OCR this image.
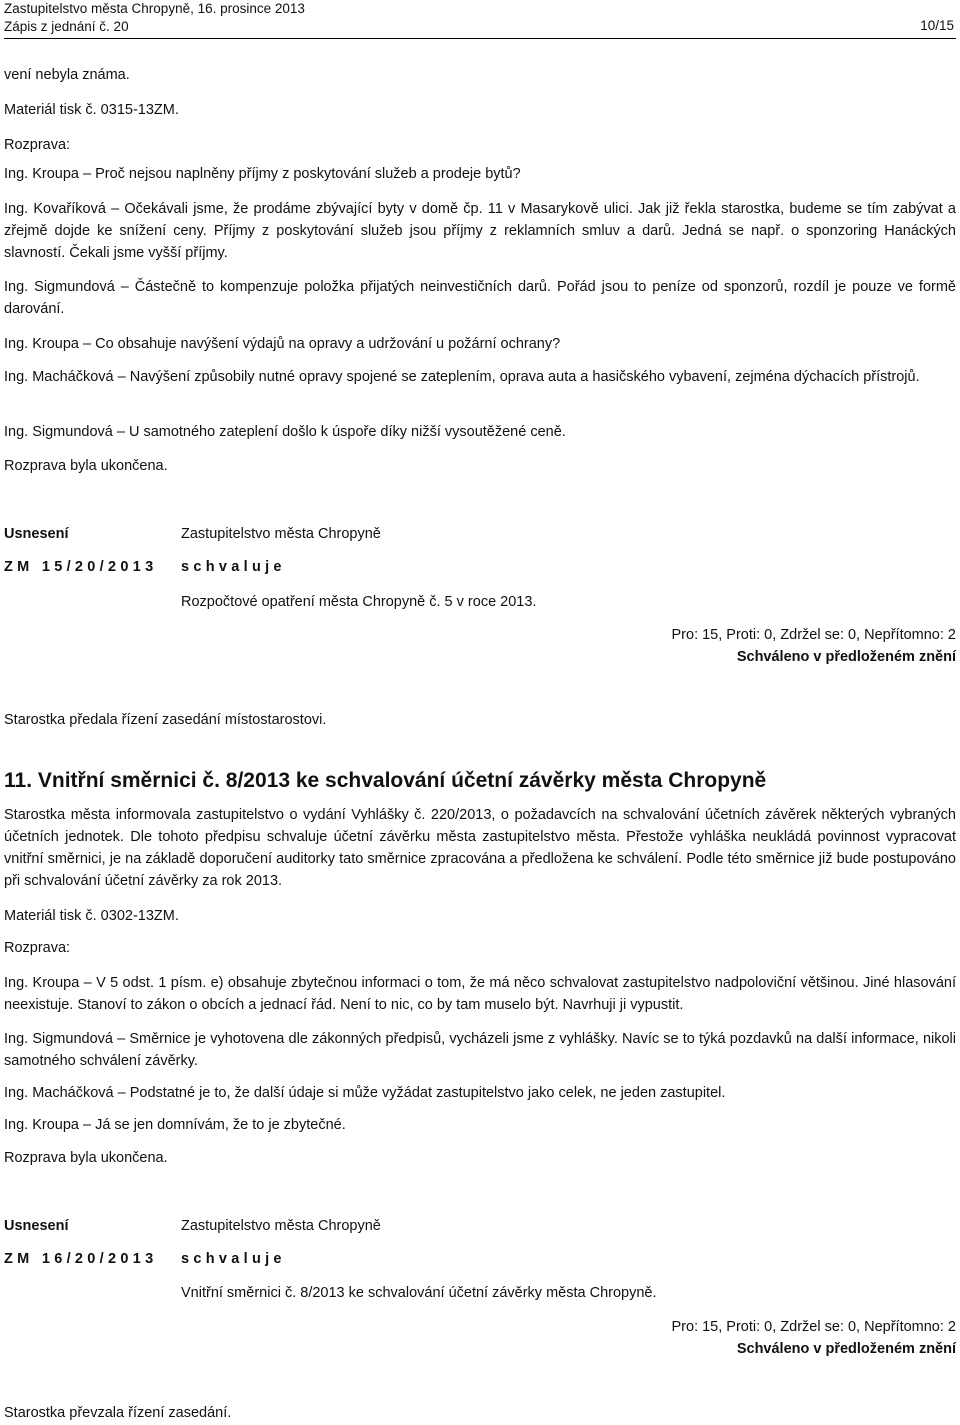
Zastupitelstvo města Chropyně, 16. prosince 2013
Zápis z jednání č. 20	10/15
vení nebyla známa.
Materiál tisk č. 0315-13ZM.
Rozprava:
Ing. Kroupa – Proč nejsou naplněny příjmy z poskytování služeb a prodeje bytů?
Ing. Kovaříková – Očekávali jsme, že prodáme zbývající byty v domě čp. 11 v Masarykově ulici. Jak již řekla starostka, budeme se tím zabývat a zřejmě dojde ke snížení ceny. Příjmy z poskytování služeb jsou příjmy z reklamních smluv a darů. Jedná se např. o sponzoring Hanáckých slavností. Čekali jsme vyšší příjmy.
Ing. Sigmundová – Částečně to kompenzuje položka přijatých neinvestičních darů. Pořád jsou to peníze od sponzorů, rozdíl je pouze ve formě darování.
Ing. Kroupa – Co obsahuje navýšení výdajů na opravy a udržování u požární ochrany?
Ing. Macháčková – Navýšení způsobily nutné opravy spojené se zateplením, oprava auta a hasičského vybavení, zejména dýchacích přístrojů.
Ing. Sigmundová – U samotného zateplení došlo k úspoře díky nižší vysoutěžené ceně.
Rozprava byla ukončena.
Usnesení	Zastupitelstvo města Chropyně
ZM 15/20/2013 schvaluje
Rozpočtové opatření města Chropyně č. 5 v roce 2013.
Pro: 15, Proti: 0, Zdržel se: 0, Nepřítomno: 2
Schváleno v předloženém znění
Starostka předala řízení zasedání místostarostovi.
11. Vnitřní směrnici č. 8/2013 ke schvalování účetní závěrky města Chropyně
Starostka města informovala zastupitelstvo o vydání Vyhlášky č. 220/2013, o požadavcích na schvalování účetních závěrek některých vybraných účetních jednotek. Dle tohoto předpisu schvaluje účetní závěrku města zastupitelstvo města. Přestože vyhláška neukládá povinnost vypracovat vnitřní směrnici, je na základě doporučení auditorky tato směrnice zpracována a předložena ke schválení. Podle této směrnice již bude postupováno při schvalování účetní závěrky za rok 2013.
Materiál tisk č. 0302-13ZM.
Rozprava:
Ing. Kroupa – V 5 odst. 1 písm. e) obsahuje zbytečnou informaci o tom, že má něco schvalovat zastupitelstvo nadpoloviční většinou. Jiné hlasování neexistuje. Stanoví to zákon o obcích a jednací řád. Není to nic, co by tam muselo být. Navrhuji ji vypustit.
Ing. Sigmundová – Směrnice je vyhotovena dle zákonných předpisů, vycházeli jsme z vyhlášky. Navíc se to týká pozdavků na další informace, nikoli samotného schválení závěrky.
Ing. Macháčková – Podstatné je to, že další údaje si může vyžádat zastupitelstvo jako celek, ne jeden zastupitel.
Ing. Kroupa – Já se jen domnívám, že to je zbytečné.
Rozprava byla ukončena.
Usnesení	Zastupitelstvo města Chropyně
ZM 16/20/2013 schvaluje
Vnitřní směrnici č. 8/2013 ke schvalování účetní závěrky města Chropyně.
Pro: 15, Proti: 0, Zdržel se: 0, Nepřítomno: 2
Schváleno v předloženém znění
Starostka převzala řízení zasedání.
